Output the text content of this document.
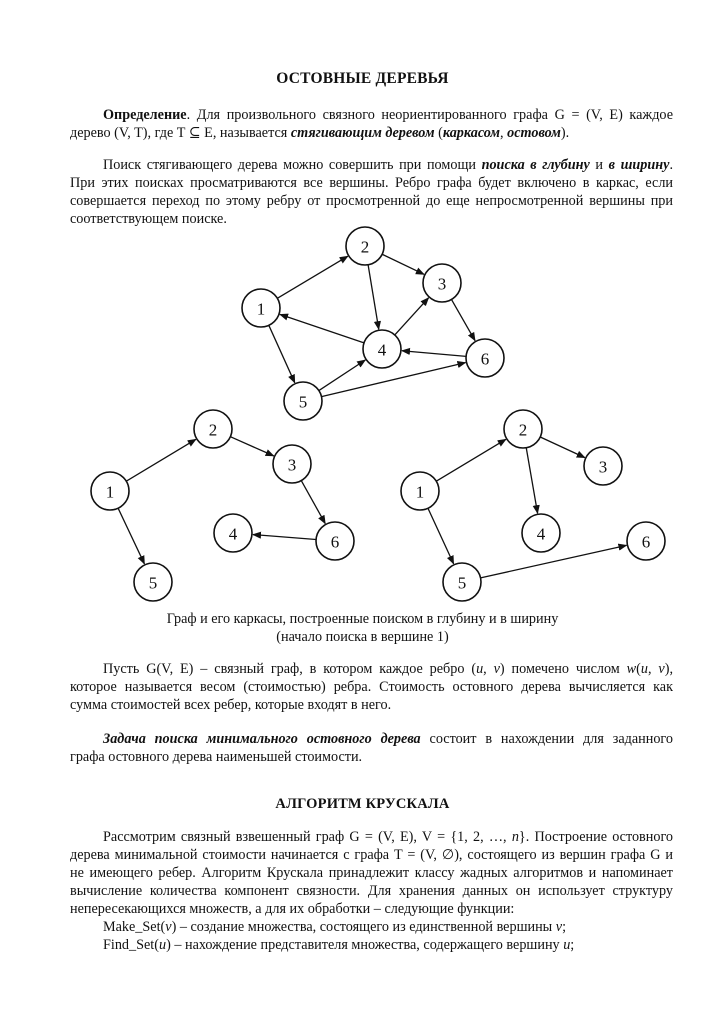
ОСТОВНЫЕ ДЕРЕВЬЯ
Определение. Для произвольного связного неориентированного графа G = (V, E) каждое
дерево (V, T), где T ⊆ E, называется стягивающим деревом (каркасом, остовом).
Поиск стягивающего дерева можно совершить при помощи поиска в глубину и в ширину.
При этих поисках просматриваются все вершины. Ребро графа будет включено в каркас, если
совершается переход по этому ребру от просмотренной до еще непросмотренной вершины при
соответствующем поиске.
1
2
3
4
5
6
1
2
3
4
5
6
1
2
3
4
5
6
Граф и его каркасы, построенные поиском в глубину и в ширину
(начало поиска в вершине 1)
Пусть G(V, E) – связный граф, в котором каждое ребро (u, v) помечено числом w(u, v),
которое называется весом (стоимостью) ребра. Стоимость остовного дерева вычисляется как
сумма стоимостей всех ребер, которые входят в него.
Задача поиска минимального остовного дерева состоит в нахождении для заданного
графа остовного дерева наименьшей стоимости.
АЛГОРИТМ КРУСКАЛА
Рассмотрим связный взвешенный граф G = (V, E), V = {1, 2, …, n}. Построение остовного
дерева минимальной стоимости начинается с графа T = (V, ∅), состоящего из вершин графа G и
не имеющего ребер. Алгоритм Крускала принадлежит классу жадных алгоритмов и напоминает
вычисление количества компонент связности. Для хранения данных он использует структуру
непересекающихся множеств, а для их обработки – следующие функции:
Make_Set(v) – создание множества, состоящего из единственной вершины v;
Find_Set(u) – нахождение представителя множества, содержащего вершину u;
